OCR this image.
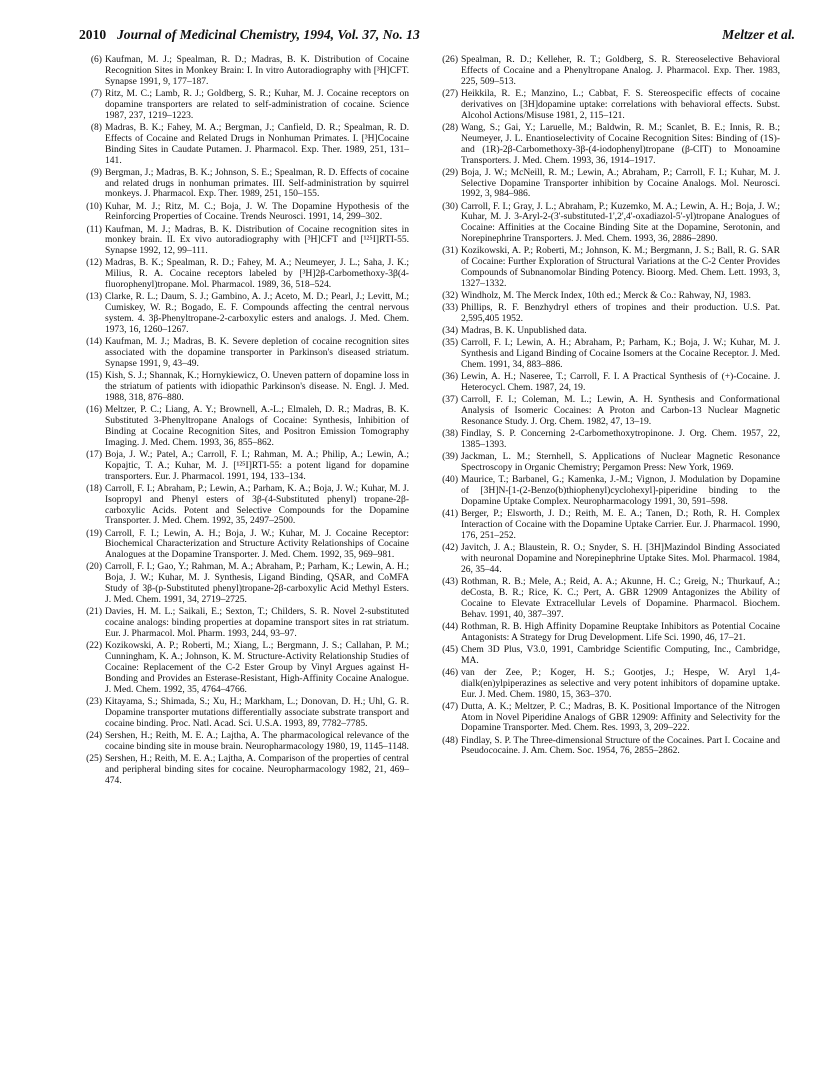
2010 Journal of Medicinal Chemistry, 1994, Vol. 37, No. 13	Meltzer et al.
(6) Kaufman, M. J.; Spealman, R. D.; Madras, B. K. Distribution of Cocaine Recognition Sites in Monkey Brain: I. In vitro Autoradiography with [³H]CFT. Synapse 1991, 9, 177–187.
(7) Ritz, M. C.; Lamb, R. J.; Goldberg, S. R.; Kuhar, M. J. Cocaine receptors on dopamine transporters are related to self-administration of cocaine. Science 1987, 237, 1219–1223.
(8) Madras, B. K.; Fahey, M. A.; Bergman, J.; Canfield, D. R.; Spealman, R. D. Effects of Cocaine and Related Drugs in Nonhuman Primates. I. [³H]Cocaine Binding Sites in Caudate Putamen. J. Pharmacol. Exp. Ther. 1989, 251, 131–141.
(9) Bergman, J.; Madras, B. K.; Johnson, S. E.; Spealman, R. D. Effects of cocaine and related drugs in nonhuman primates. III. Self-administration by squirrel monkeys. J. Pharmacol. Exp. Ther. 1989, 251, 150–155.
(10) Kuhar, M. J.; Ritz, M. C.; Boja, J. W. The Dopamine Hypothesis of the Reinforcing Properties of Cocaine. Trends Neurosci. 1991, 14, 299–302.
(11) Kaufman, M. J.; Madras, B. K. Distribution of Cocaine recognition sites in monkey brain. II. Ex vivo autoradiography with [³H]CFT and [¹²⁵I]RTI-55. Synapse 1992, 12, 99–111.
(12) Madras, B. K.; Spealman, R. D.; Fahey, M. A.; Neumeyer, J. L.; Saha, J. K.; Milius, R. A. Cocaine receptors labeled by [³H]2β-Carbomethoxy-3β(4-fluorophenyl)tropane. Mol. Pharmacol. 1989, 36, 518–524.
(13) Clarke, R. L.; Daum, S. J.; Gambino, A. J.; Aceto, M. D.; Pearl, J.; Levitt, M.; Cumiskey, W. R.; Bogado, E. F. Compounds affecting the central nervous system. 4. 3β-Phenyltropane-2-carboxylic esters and analogs. J. Med. Chem. 1973, 16, 1260–1267.
(14) Kaufman, M. J.; Madras, B. K. Severe depletion of cocaine recognition sites associated with the dopamine transporter in Parkinson's diseased striatum. Synapse 1991, 9, 43–49.
(15) Kish, S. J.; Shannak, K.; Hornykiewicz, O. Uneven pattern of dopamine loss in the striatum of patients with idiopathic Parkinson's disease. N. Engl. J. Med. 1988, 318, 876–880.
(16) Meltzer, P. C.; Liang, A. Y.; Brownell, A.-L.; Elmaleh, D. R.; Madras, B. K. Substituted 3-Phenyltropane Analogs of Cocaine: Synthesis, Inhibition of Binding at Cocaine Recognition Sites, and Positron Emission Tomography Imaging. J. Med. Chem. 1993, 36, 855–862.
(17) Boja, J. W.; Patel, A.; Carroll, F. I.; Rahman, M. A.; Philip, A.; Lewin, A.; Kopajtic, T. A.; Kuhar, M. J. [¹²⁵I]RTI-55: a potent ligand for dopamine transporters. Eur. J. Pharmacol. 1991, 194, 133–134.
(18) Carroll, F. I.; Abraham, P.; Lewin, A.; Parham, K. A.; Boja, J. W.; Kuhar, M. J. Isopropyl and Phenyl esters of 3β-(4-Substituted phenyl) tropane-2β-carboxylic Acids. Potent and Selective Compounds for the Dopamine Transporter. J. Med. Chem. 1992, 35, 2497–2500.
(19) Carroll, F. I.; Lewin, A. H.; Boja, J. W.; Kuhar, M. J. Cocaine Receptor: Biochemical Characterization and Structure Activity Relationships of Cocaine Analogues at the Dopamine Transporter. J. Med. Chem. 1992, 35, 969–981.
(20) Carroll, F. I.; Gao, Y.; Rahman, M. A.; Abraham, P.; Parham, K.; Lewin, A. H.; Boja, J. W.; Kuhar, M. J. Synthesis, Ligand Binding, QSAR, and CoMFA Study of 3β-(p-Substituted phenyl)tropane-2β-carboxylic Acid Methyl Esters. J. Med. Chem. 1991, 34, 2719–2725.
(21) Davies, H. M. L.; Saikali, E.; Sexton, T.; Childers, S. R. Novel 2-substituted cocaine analogs: binding properties at dopamine transport sites in rat striatum. Eur. J. Pharmacol. Mol. Pharm. 1993, 244, 93–97.
(22) Kozikowski, A. P.; Roberti, M.; Xiang, L.; Bergmann, J. S.; Callahan, P. M.; Cunningham, K. A.; Johnson, K. M. Structure-Activity Relationship Studies of Cocaine: Replacement of the C-2 Ester Group by Vinyl Argues against H-Bonding and Provides an Esterase-Resistant, High-Affinity Cocaine Analogue. J. Med. Chem. 1992, 35, 4764–4766.
(23) Kitayama, S.; Shimada, S.; Xu, H.; Markham, L.; Donovan, D. H.; Uhl, G. R. Dopamine transporter mutations differentially associate substrate transport and cocaine binding. Proc. Natl. Acad. Sci. U.S.A. 1993, 89, 7782–7785.
(24) Sershen, H.; Reith, M. E. A.; Lajtha, A. The pharmacological relevance of the cocaine binding site in mouse brain. Neuropharmacology 1980, 19, 1145–1148.
(25) Sershen, H.; Reith, M. E. A.; Lajtha, A. Comparison of the properties of central and peripheral binding sites for cocaine. Neuropharmacology 1982, 21, 469–474.
(26) Spealman, R. D.; Kelleher, R. T.; Goldberg, S. R. Stereoselective Behavioral Effects of Cocaine and a Phenyltropane Analog. J. Pharmacol. Exp. Ther. 1983, 225, 509–513.
(27) Heikkila, R. E.; Manzino, L.; Cabbat, F. S. Stereospecific effects of cocaine derivatives on [3H]dopamine uptake: correlations with behavioral effects. Subst. Alcohol Actions/Misuse 1981, 2, 115–121.
(28) Wang, S.; Gai, Y.; Laruelle, M.; Baldwin, R. M.; Scanlet, B. E.; Innis, R. B.; Neumeyer, J. L. Enantioselectivity of Cocaine Recognition Sites: Binding of (1S)- and (1R)-2β-Carbomethoxy-3β-(4-iodophenyl)tropane (β-CIT) to Monoamine Transporters. J. Med. Chem. 1993, 36, 1914–1917.
(29) Boja, J. W.; McNeill, R. M.; Lewin, A.; Abraham, P.; Carroll, F. I.; Kuhar, M. J. Selective Dopamine Transporter inhibition by Cocaine Analogs. Mol. Neurosci. 1992, 3, 984–986.
(30) Carroll, F. I.; Gray, J. L.; Abraham, P.; Kuzemko, M. A.; Lewin, A. H.; Boja, J. W.; Kuhar, M. J. 3-Aryl-2-(3'-substituted-1',2',4'-oxadiazol-5'-yl)tropane Analogues of Cocaine: Affinities at the Cocaine Binding Site at the Dopamine, Serotonin, and Norepinephrine Transporters. J. Med. Chem. 1993, 36, 2886–2890.
(31) Kozikowski, A. P.; Roberti, M.; Johnson, K. M.; Bergmann, J. S.; Ball, R. G. SAR of Cocaine: Further Exploration of Structural Variations at the C-2 Center Provides Compounds of Subnanomolar Binding Potency. Bioorg. Med. Chem. Lett. 1993, 3, 1327–1332.
(32) Windholz, M. The Merck Index, 10th ed.; Merck & Co.: Rahway, NJ, 1983.
(33) Phillips, R. F. Benzhydryl ethers of tropines and their production. U.S. Pat. 2,595,405 1952.
(34) Madras, B. K. Unpublished data.
(35) Carroll, F. I.; Lewin, A. H.; Abraham, P.; Parham, K.; Boja, J. W.; Kuhar, M. J. Synthesis and Ligand Binding of Cocaine Isomers at the Cocaine Receptor. J. Med. Chem. 1991, 34, 883–886.
(36) Lewin, A. H.; Naseree, T.; Carroll, F. I. A Practical Synthesis of (+)-Cocaine. J. Heterocycl. Chem. 1987, 24, 19.
(37) Carroll, F. I.; Coleman, M. L.; Lewin, A. H. Synthesis and Conformational Analysis of Isomeric Cocaines: A Proton and Carbon-13 Nuclear Magnetic Resonance Study. J. Org. Chem. 1982, 47, 13–19.
(38) Findlay, S. P. Concerning 2-Carbomethoxytropinone. J. Org. Chem. 1957, 22, 1385–1393.
(39) Jackman, L. M.; Sternhell, S. Applications of Nuclear Magnetic Resonance Spectroscopy in Organic Chemistry; Pergamon Press: New York, 1969.
(40) Maurice, T.; Barbanel, G.; Kamenka, J.-M.; Vignon, J. Modulation by Dopamine of [3H]N-[1-(2-Benzo(b)thiophenyl)cyclohexyl]-piperidine binding to the Dopamine Uptake Complex. Neuropharmacology 1991, 30, 591–598.
(41) Berger, P.; Elsworth, J. D.; Reith, M. E. A.; Tanen, D.; Roth, R. H. Complex Interaction of Cocaine with the Dopamine Uptake Carrier. Eur. J. Pharmacol. 1990, 176, 251–252.
(42) Javitch, J. A.; Blaustein, R. O.; Snyder, S. H. [3H]Mazindol Binding Associated with neuronal Dopamine and Norepinephrine Uptake Sites. Mol. Pharmacol. 1984, 26, 35–44.
(43) Rothman, R. B.; Mele, A.; Reid, A. A.; Akunne, H. C.; Greig, N.; Thurkauf, A.; deCosta, B. R.; Rice, K. C.; Pert, A. GBR 12909 Antagonizes the Ability of Cocaine to Elevate Extracellular Levels of Dopamine. Pharmacol. Biochem. Behav. 1991, 40, 387–397.
(44) Rothman, R. B. High Affinity Dopamine Reuptake Inhibitors as Potential Cocaine Antagonists: A Strategy for Drug Development. Life Sci. 1990, 46, 17–21.
(45) Chem 3D Plus, V3.0, 1991, Cambridge Scientific Computing, Inc., Cambridge, MA.
(46) van der Zee, P.; Koger, H. S.; Gootjes, J.; Hespe, W. Aryl 1,4-dialk(en)ylpiperazines as selective and very potent inhibitors of dopamine uptake. Eur. J. Med. Chem. 1980, 15, 363–370.
(47) Dutta, A. K.; Meltzer, P. C.; Madras, B. K. Positional Importance of the Nitrogen Atom in Novel Piperidine Analogs of GBR 12909: Affinity and Selectivity for the Dopamine Transporter. Med. Chem. Res. 1993, 3, 209–222.
(48) Findlay, S. P. The Three-dimensional Structure of the Cocaines. Part I. Cocaine and Pseudococaine. J. Am. Chem. Soc. 1954, 76, 2855–2862.
